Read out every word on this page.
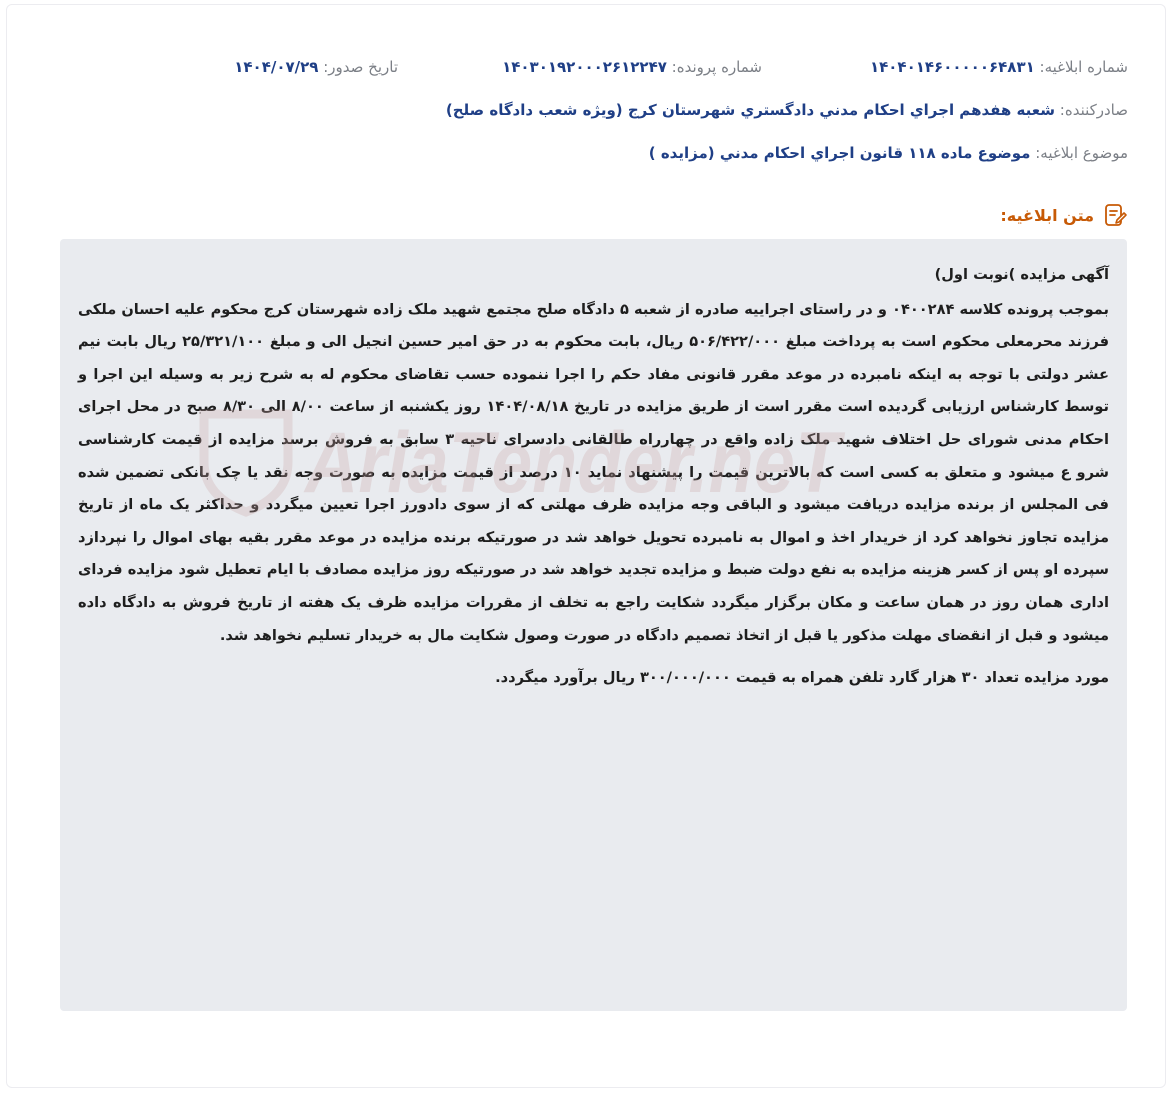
شماره ابلاغیه: ۱۴۰۴۰۱۴۶۰۰۰۰۰۶۴۸۳۱
شماره پرونده: ۱۴۰۳۰۱۹۲۰۰۰۲۶۱۲۲۴۷
تاریخ صدور: ۱۴۰۴/۰۷/۲۹
صادرکننده: شعبه هفدهم اجراي احكام مدني دادگستري شهرستان كرج (ويژه شعب دادگاه صلح)
موضوع ابلاغیه: موضوع ماده ۱۱۸ قانون اجراي احكام مدني (مزايده )
متن ابلاغیه:

آگهی مزایده )نوبت اول)

بموجب پرونده کلاسه ۰۴۰۰۲۸۴ و در راستای اجراییه صادره از شعبه ۵ دادگاه صلح مجتمع شهید ملک زاده شهرستان کرج محکوم علیه احسان ملکی فرزند محرمعلی محکوم است به پرداخت مبلغ ۵۰۶/۴۲۲/۰۰۰ ریال، بابت محکوم به در حق امیر حسین انجیل الی و مبلغ ۲۵/۳۲۱/۱۰۰ ریال بابت نیم عشر دولتی با توجه به اینکه نامبرده در موعد مقرر قانونی مفاد حکم را اجرا ننموده حسب تقاضای محکوم له به شرح زیر به وسیله این اجرا و توسط کارشناس ارزیابی گردیده است مقرر است از طریق مزایده در تاریخ ۱۴۰۴/۰۸/۱۸ روز یکشنبه از ساعت ۸/۰۰ الی ۸/۳۰ صبح در محل اجرای احکام مدنی شورای حل اختلاف شهید ملک زاده واقع در چهارراه طالقانی دادسرای ناحیه ۳ سابق به فروش برسد مزایده از قیمت کارشناسی شرو ع میشود و متعلق به کسی است که بالاترین قیمت را پیشنهاد نماید ۱۰ درصد از قیمت مزایده به صورت وجه نقد یا چک بانکی تضمین شده فی المجلس از برنده مزایده دریافت میشود و الباقی وجه مزایده ظرف مهلتی که از سوی دادورز اجرا تعیین میگردد و حداکثر یک ماه از تاریخ مزایده تجاوز نخواهد کرد از خریدار اخذ و اموال به نامبرده تحویل خواهد شد در صورتیکه برنده مزایده در موعد مقرر بقیه بهای اموال را نپردازد سپرده او پس از کسر هزینه مزایده به نفع دولت ضبط و مزایده تجدید خواهد شد در صورتیکه روز مزایده مصادف با ایام تعطیل شود مزایده فردای اداری همان روز در همان ساعت و مکان برگزار میگردد شکایت راجع به تخلف از مقررات مزایده ظرف یک هفته از تاریخ فروش به دادگاه داده میشود و قبل از انقضای مهلت مذکور یا قبل از اتخاذ تصمیم دادگاه در صورت وصول شکایت مال به خریدار تسلیم نخواهد شد.

مورد مزایده تعداد ۳۰ هزار گارد تلفن همراه به قیمت ۳۰۰/۰۰۰/۰۰۰ ریال برآورد میگردد.

AriaTender.neT
